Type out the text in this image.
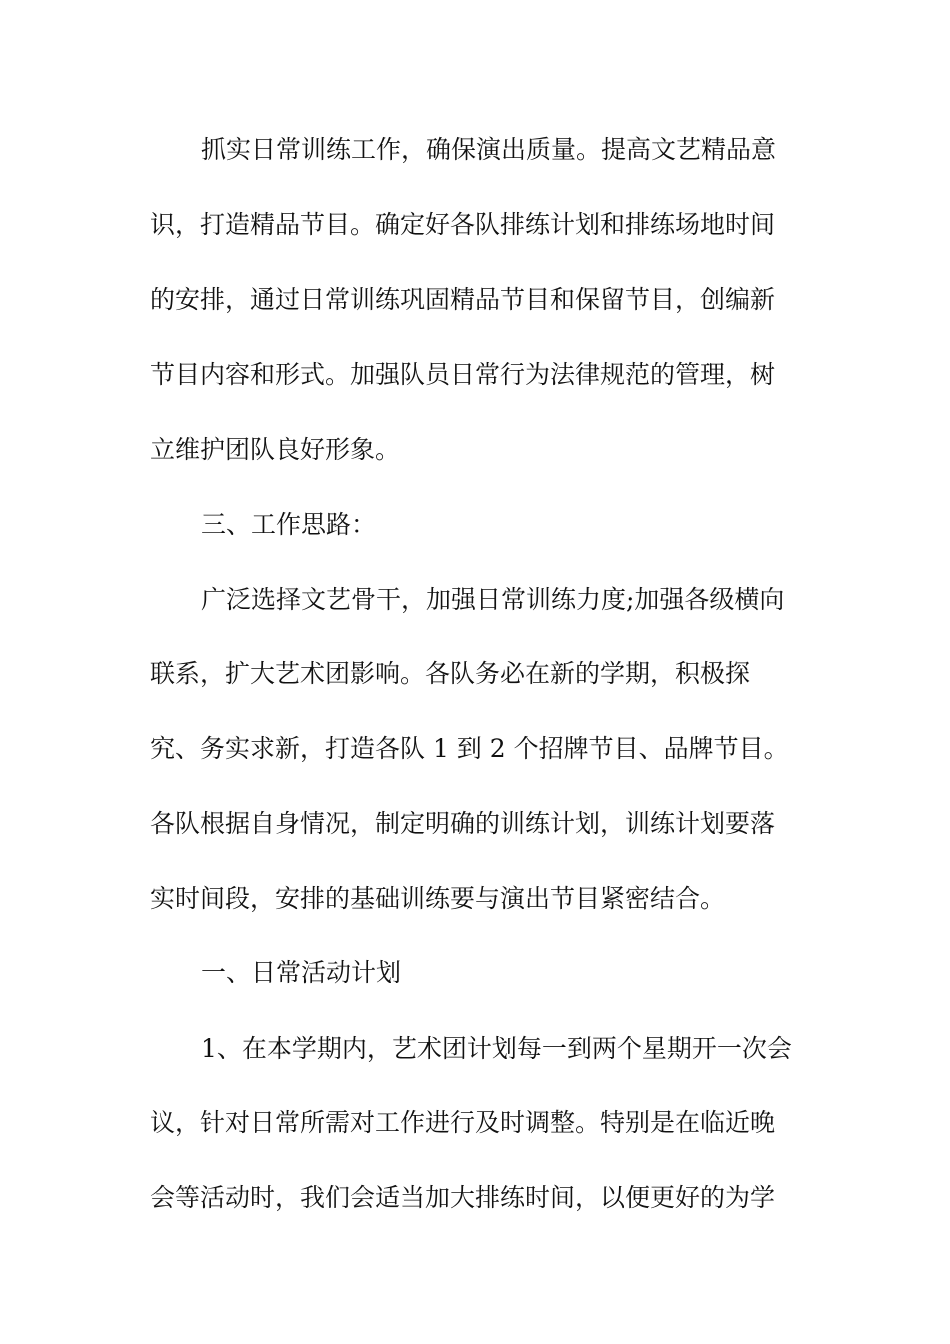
抓实日常训练工作，确保演出质量。提高文艺精品意
识，打造精品节目。确定好各队排练计划和排练场地时间
的安排，通过日常训练巩固精品节目和保留节目，创编新
节目内容和形式。加强队员日常行为法律规范的管理，树
立维护团队良好形象。
三、工作思路：
广泛选择文艺骨干，加强日常训练力度;加强各级横向
联系，扩大艺术团影响。各队务必在新的学期，积极探
究、务实求新，打造各队 1 到 2 个招牌节目、品牌节目。
各队根据自身情况，制定明确的训练计划，训练计划要落
实时间段，安排的基础训练要与演出节目紧密结合。
一、日常活动计划
1、在本学期内，艺术团计划每一到两个星期开一次会
议，针对日常所需对工作进行及时调整。特别是在临近晚
会等活动时，我们会适当加大排练时间，以便更好的为学
